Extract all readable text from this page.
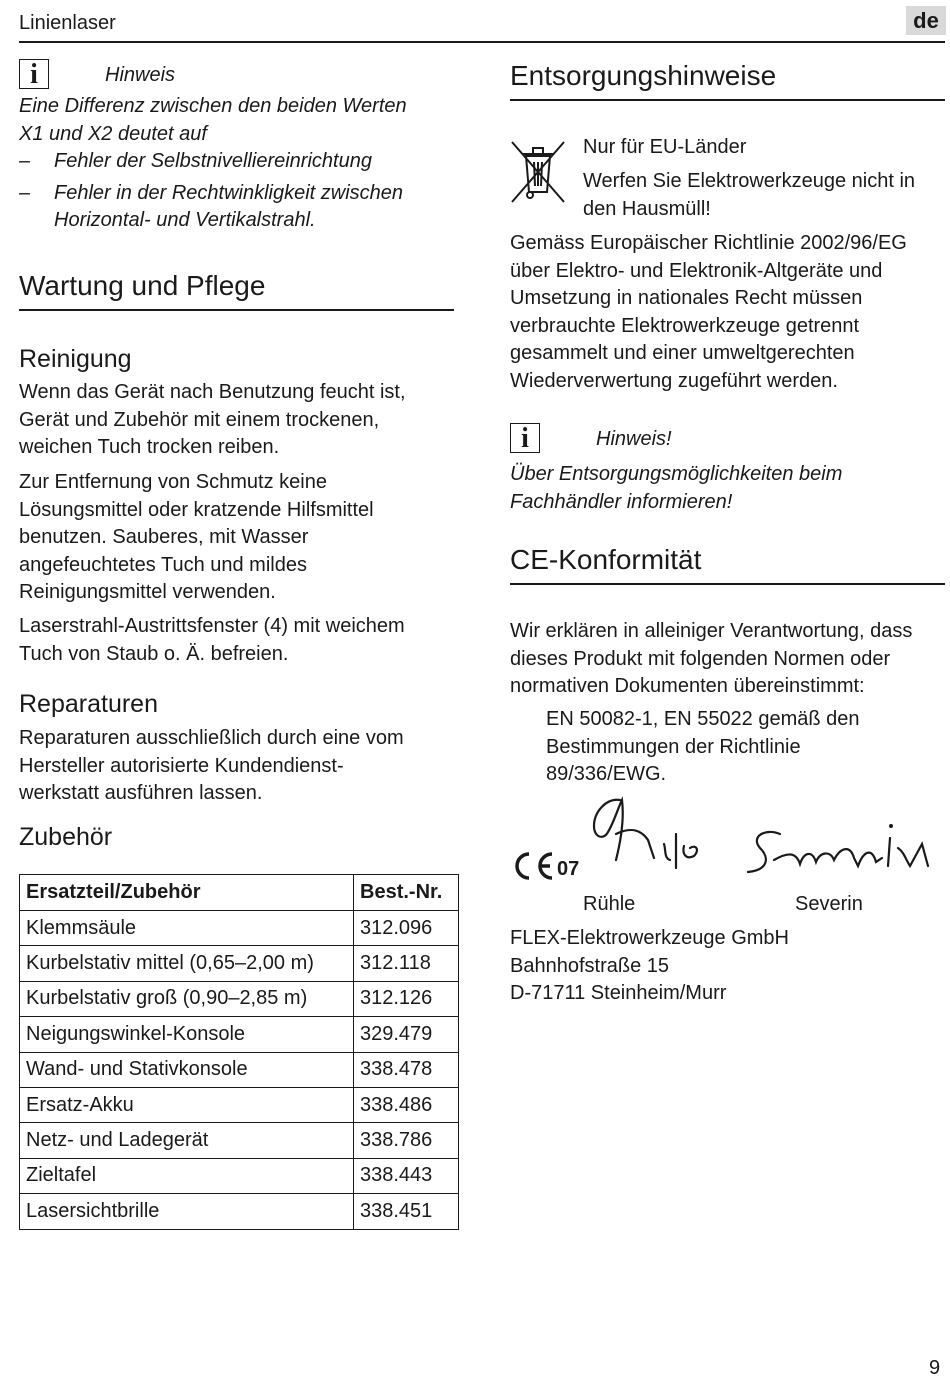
Linienlaser	de
i	Hinweis
Eine Differenz zwischen den beiden Werten
X1 und X2 deutet auf
–	Fehler der Selbstnivelliereinrichtung
–	Fehler in der Rechtwinkligkeit zwischen
Horizontal- und Vertikalstrahl.
Wartung und Pflege
Reinigung
Wenn das Gerät nach Benutzung feucht ist,
Gerät und Zubehör mit einem trockenen,
weichen Tuch trocken reiben.
Zur Entfernung von Schmutz keine
Lösungsmittel oder kratzende Hilfsmittel
benutzen. Sauberes, mit Wasser
angefeuchtetes Tuch und mildes
Reinigungsmittel verwenden.
Laserstrahl-Austrittsfenster (4) mit weichem
Tuch von Staub o. Ä. befreien.
Reparaturen
Reparaturen ausschließlich durch eine vom
Hersteller autorisierte Kundendienst-
werkstatt ausführen lassen.
Zubehör
Ersatzteil/Zubehör	Best.-Nr.
Klemmsäule	312.096
Kurbelstativ mittel (0,65–2,00 m)	312.118
Kurbelstativ groß (0,90–2,85 m)	312.126
Neigungswinkel-Konsole	329.479
Wand- und Stativkonsole	338.478
Ersatz-Akku	338.486
Netz- und Ladegerät	338.786
Zieltafel	338.443
Lasersichtbrille	338.451
Entsorgungshinweise
Nur für EU-Länder
Werfen Sie Elektrowerkzeuge nicht in
den Hausmüll!
Gemäss Europäischer Richtlinie 2002/96/EG
über Elektro- und Elektronik-Altgeräte und
Umsetzung in nationales Recht müssen
verbrauchte Elektrowerkzeuge getrennt
gesammelt und einer umweltgerechten
Wiederverwertung zugeführt werden.
i	Hinweis!
Über Entsorgungsmöglichkeiten beim
Fachhändler informieren!
CE-Konformität
Wir erklären in alleiniger Verantwortung, dass
dieses Produkt mit folgenden Normen oder
normativen Dokumenten übereinstimmt:
EN 50082-1, EN 55022 gemäß den
Bestimmungen der Richtlinie
89/336/EWG.
07
Rühle	Severin
FLEX-Elektrowerkzeuge GmbH
Bahnhofstraße 15
D-71711 Steinheim/Murr
9
